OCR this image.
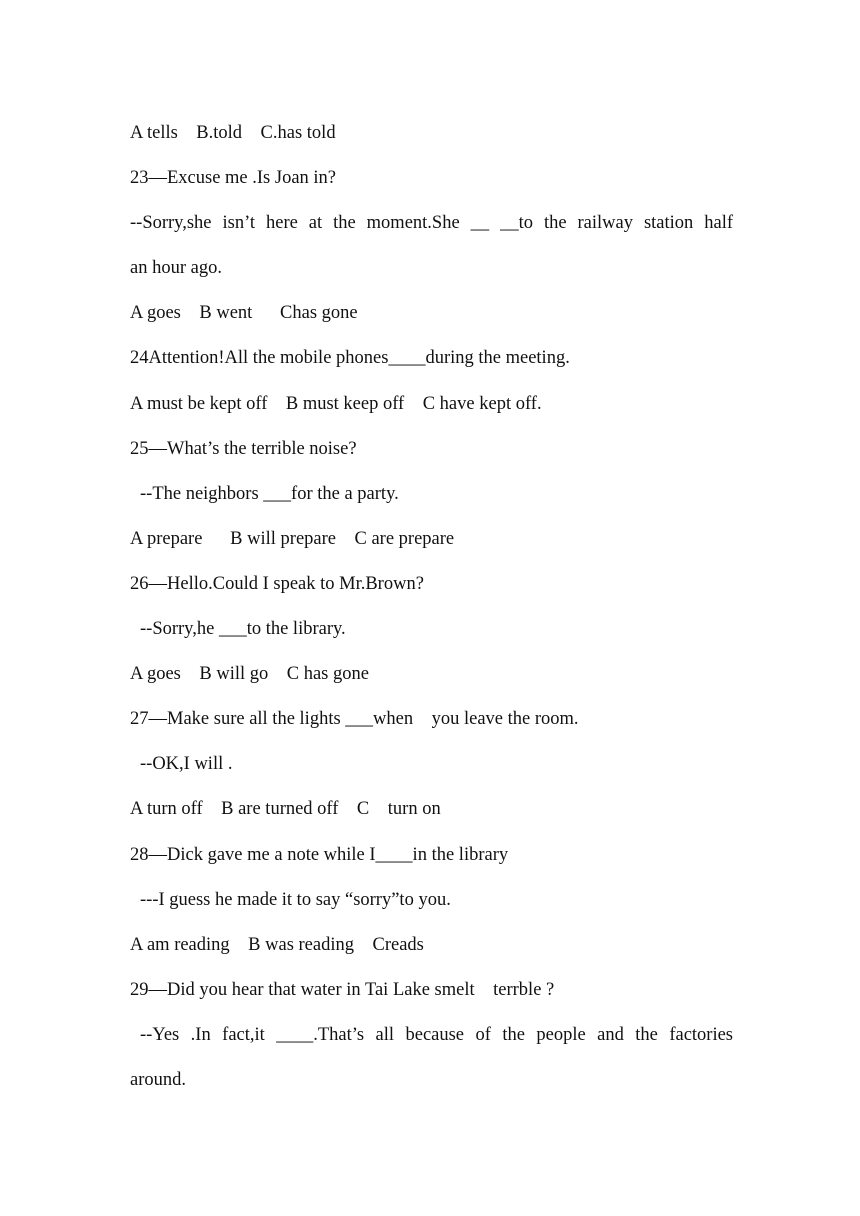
A tells    B.told    C.has told
23—Excuse me .Is Joan in?
--Sorry,she isn’t here at the moment.She __ __to the railway station half
an hour ago.
A goes    B went      Chas gone
24Attention!All the mobile phones____during the meeting.
A must be kept off    B must keep off    C have kept off.
25—What’s the terrible noise?
--The neighbors ___for the a party.
A prepare      B will prepare    C are prepare
26—Hello.Could I speak to Mr.Brown?
--Sorry,he ___to the library.
A goes    B will go    C has gone
27—Make sure all the lights ___when    you leave the room.
--OK,I will .
A turn off    B are turned off    C    turn on
28—Dick gave me a note while I____in the library
---I guess he made it to say “sorry”to you.
A am reading    B was reading    Creads
29—Did you hear that water in Tai Lake smelt    terrble ?
--Yes .In fact,it ____.That’s all because of the people and the factories
around.
